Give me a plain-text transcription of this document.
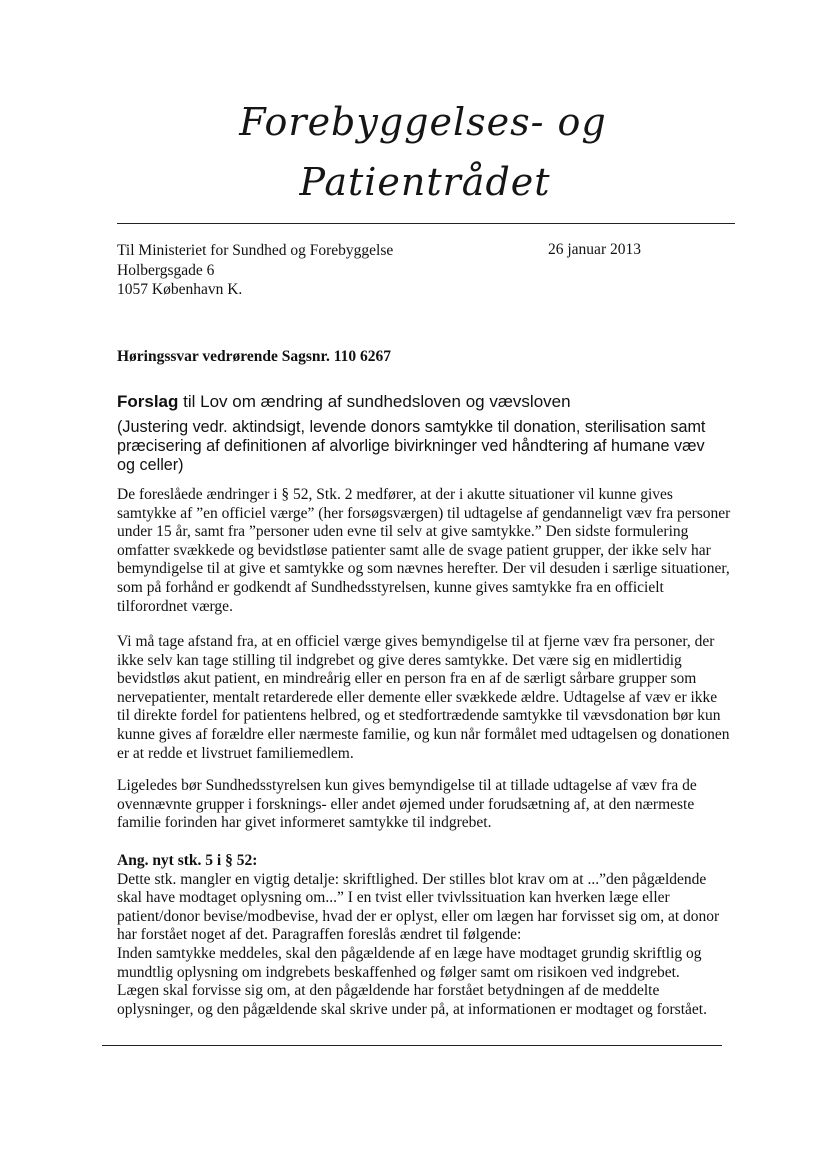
Forebyggelses- og
Patientrådet
Til Ministeriet for Sundhed og Forebyggelse
Holbergsgade 6
1057 København K.
26 januar 2013
Høringssvar vedrørende Sagsnr. 110 6267
Forslag til Lov om ændring af sundhedsloven og vævsloven
(Justering vedr. aktindsigt, levende donors samtykke til donation, sterilisation samt præcisering af definitionen af alvorlige bivirkninger ved håndtering af humane væv og celler)
De foreslåede ændringer i § 52, Stk. 2 medfører, at der i akutte situationer vil kunne gives samtykke af ”en officiel værge” (her forsøgsværgen) til udtagelse af gendanneligt væv fra personer under 15 år, samt fra ”personer uden evne til selv at give samtykke.” Den sidste formulering omfatter svækkede og bevidstløse patienter samt alle de svage patient grupper, der ikke selv har bemyndigelse til at give et samtykke og som nævnes herefter. Der vil desuden i særlige situationer, som på forhånd er godkendt af Sundhedsstyrelsen, kunne gives samtykke fra en officielt tilforordnet værge.
Vi må tage afstand fra, at en officiel værge gives bemyndigelse til at fjerne væv fra personer, der ikke selv kan tage stilling til indgrebet og give deres samtykke. Det være sig en midlertidig bevidstløs akut patient, en mindreårig eller en person fra en af de særligt sårbare grupper som nervepatienter, mentalt retarderede eller demente eller svækkede ældre. Udtagelse af væv er ikke til direkte fordel for patientens helbred, og et stedfortrædende samtykke til vævsdonation bør kun kunne gives af forældre eller nærmeste familie, og kun når formålet med udtagelsen og donationen er at redde et livstruet familiemedlem.
Ligeledes bør Sundhedsstyrelsen kun gives bemyndigelse til at tillade udtagelse af væv fra de ovennævnte grupper i forsknings- eller andet øjemed under forudsætning af, at den nærmeste familie forinden har givet informeret samtykke til indgrebet.
Ang. nyt stk. 5 i § 52:
Dette stk. mangler en vigtig detalje: skriftlighed. Der stilles blot krav om at ...”den pågældende skal have modtaget oplysning om...” I en tvist eller tvivlssituation kan hverken læge eller patient/donor bevise/modbevise, hvad der er oplyst, eller om lægen har forvisset sig om, at donor har forstået noget af det. Paragraffen foreslås ændret til følgende:
Inden samtykke meddeles, skal den pågældende af en læge have modtaget grundig skriftlig og mundtlig oplysning om indgrebets beskaffenhed og følger samt om risikoen ved indgrebet.
Lægen skal forvisse sig om, at den pågældende har forstået betydningen af de meddelte oplysninger, og den pågældende skal skrive under på, at informationen er modtaget og forstået.
